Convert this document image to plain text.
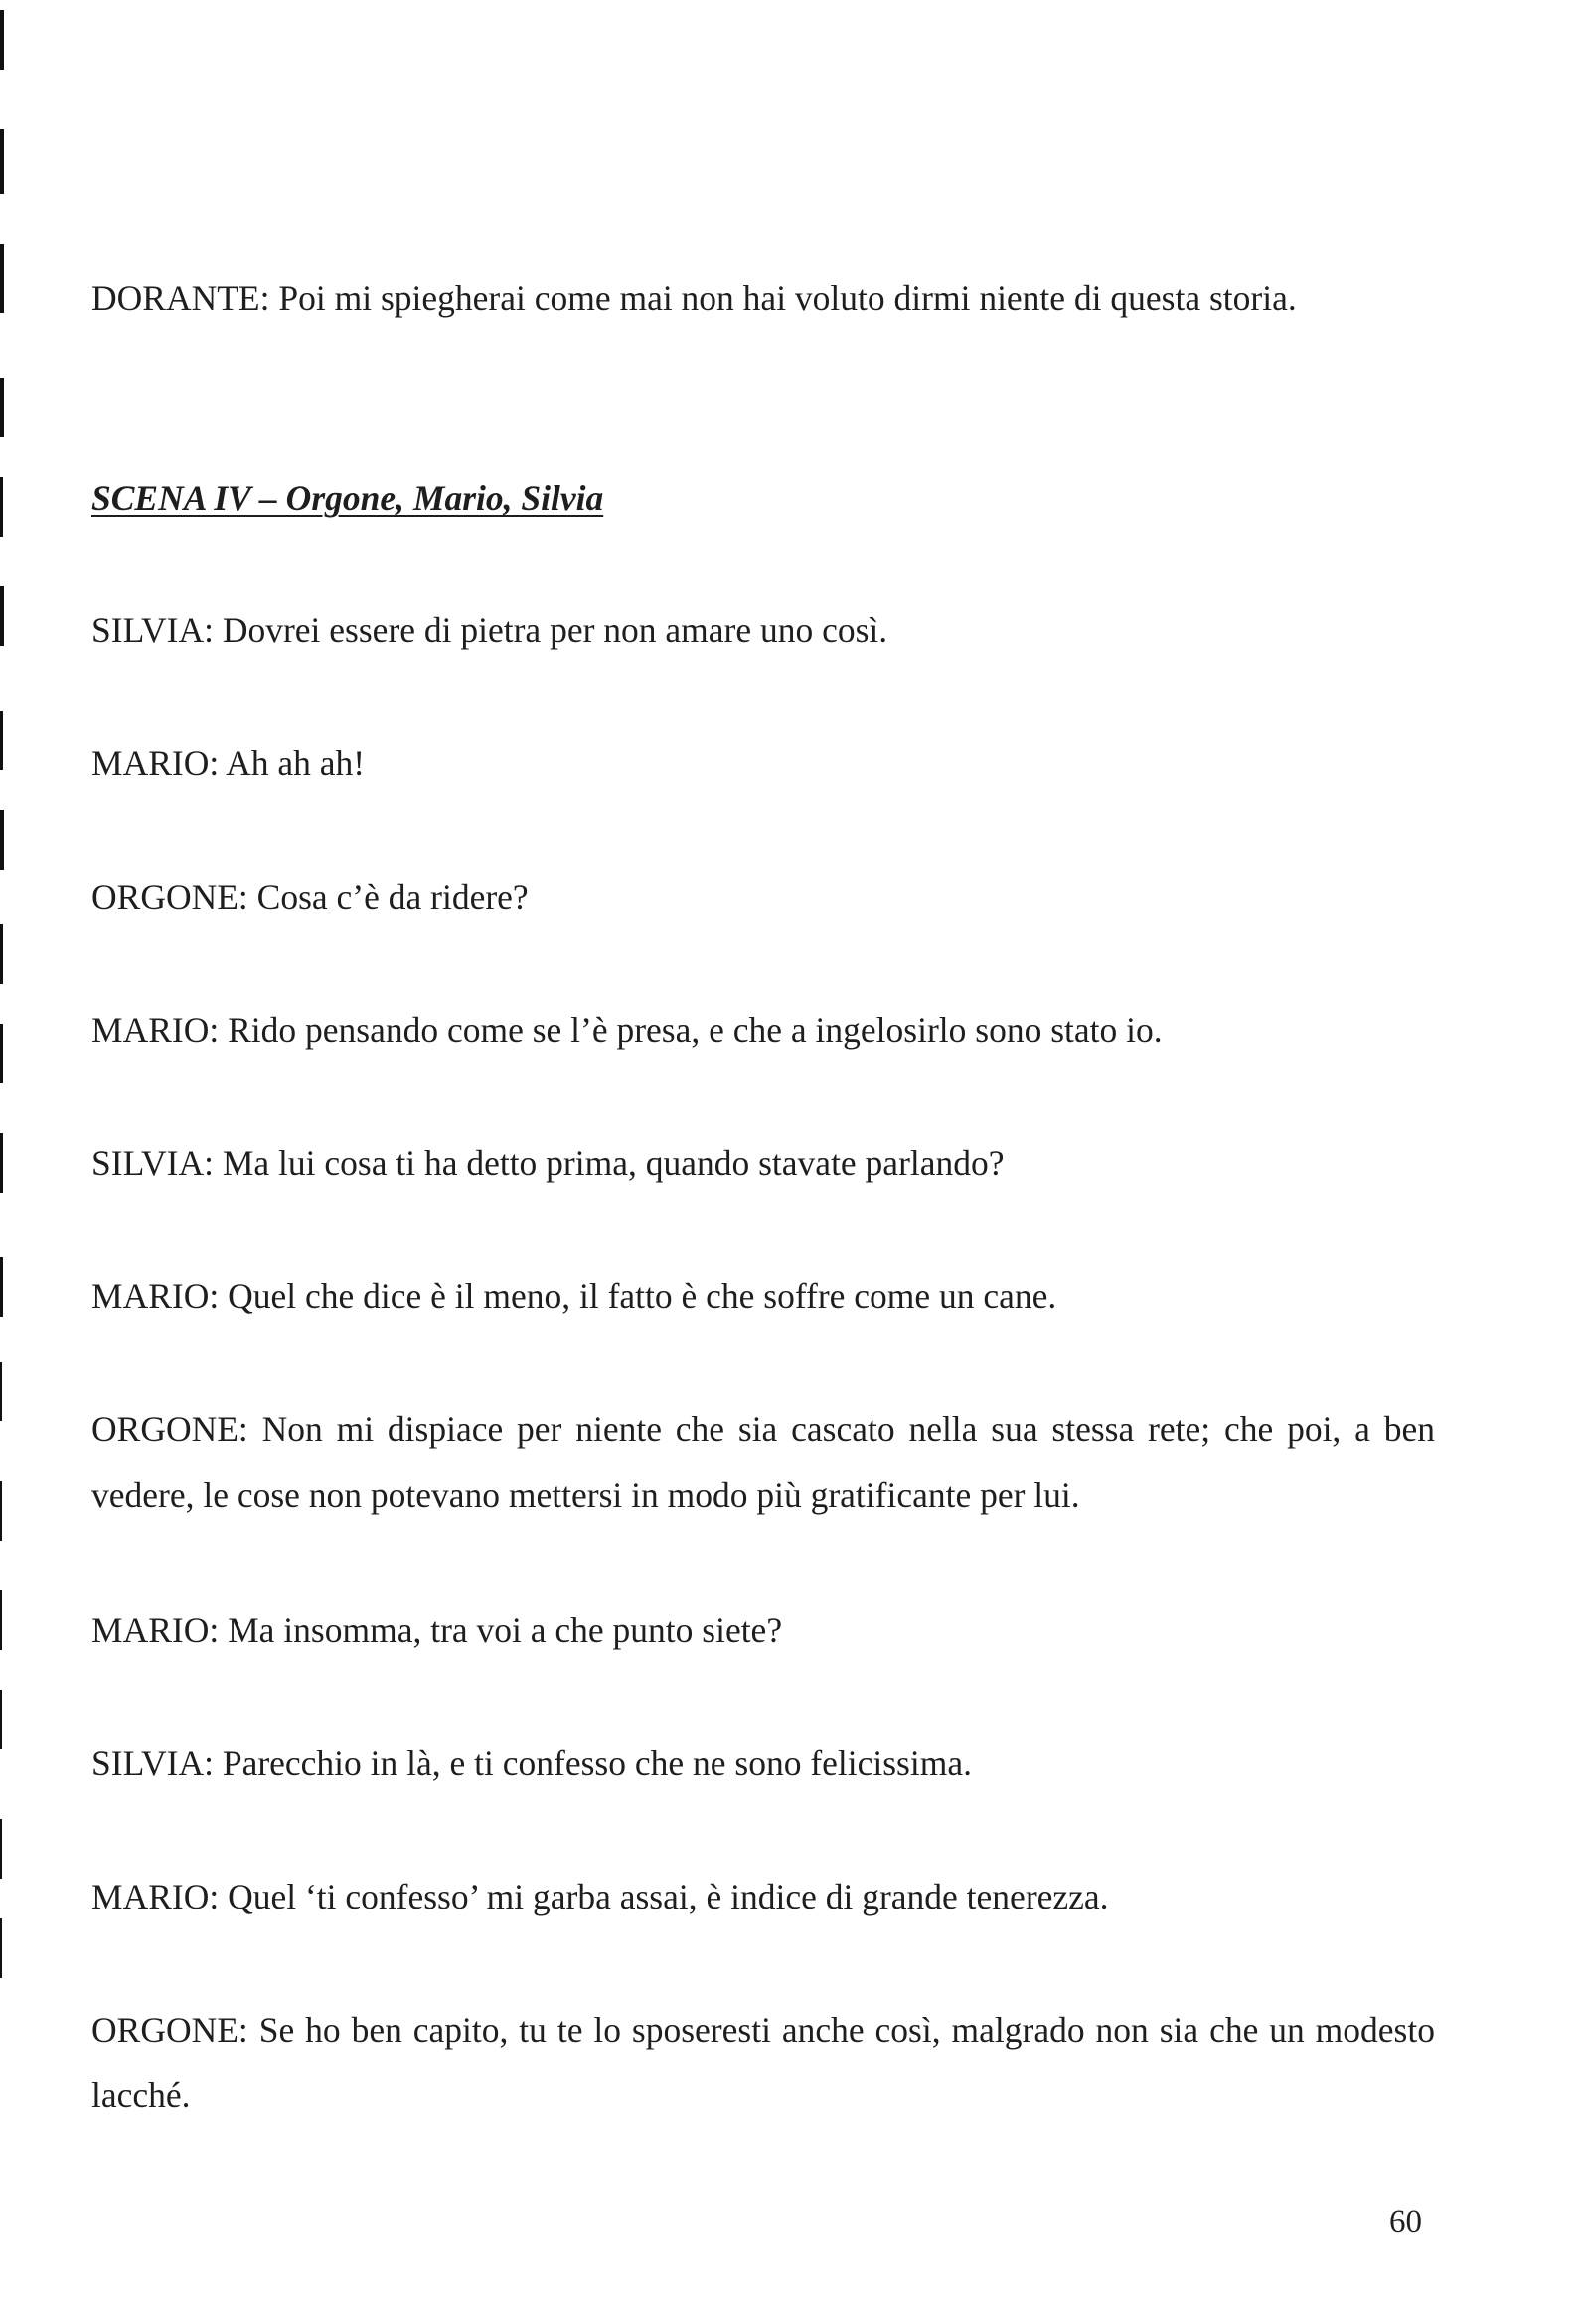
DORANTE: Poi mi spiegherai come mai non hai voluto dirmi niente di questa storia.

SCENA IV – Orgone, Mario, Silvia

SILVIA: Dovrei essere di pietra per non amare uno così.

MARIO: Ah ah ah!

ORGONE: Cosa c’è da ridere?

MARIO: Rido pensando come se l’è presa, e che a ingelosirlo sono stato io.

SILVIA: Ma lui cosa ti ha detto prima, quando stavate parlando?

MARIO: Quel che dice è il meno, il fatto è che soffre come un cane.

ORGONE: Non mi dispiace per niente che sia cascato nella sua stessa rete; che poi, a ben vedere, le cose non potevano mettersi in modo più gratificante per lui.

MARIO: Ma insomma, tra voi a che punto siete?

SILVIA: Parecchio in là, e ti confesso che ne sono felicissima.

MARIO: Quel ‘ti confesso’ mi garba assai, è indice di grande tenerezza.

ORGONE: Se ho ben capito, tu te lo sposeresti anche così, malgrado non sia che un modesto lacché.

60
